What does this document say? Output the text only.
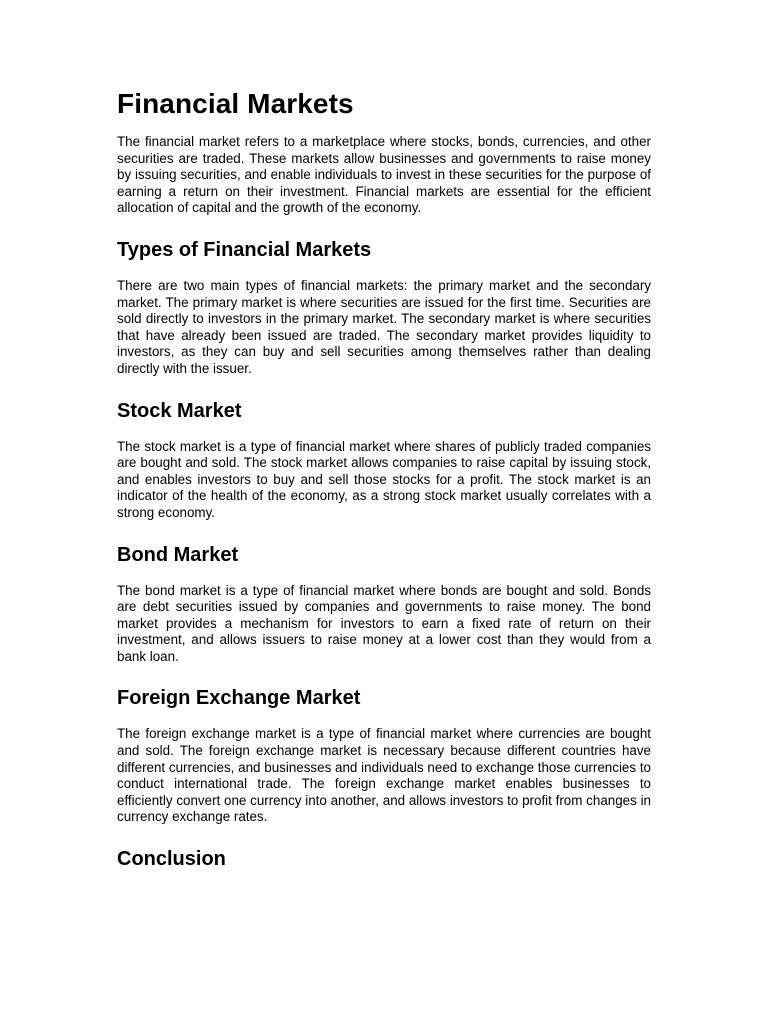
Financial Markets

The financial market refers to a marketplace where stocks, bonds, currencies, and other securities are traded. These markets allow businesses and governments to raise money by issuing securities, and enable individuals to invest in these securities for the purpose of earning a return on their investment. Financial markets are essential for the efficient allocation of capital and the growth of the economy.

Types of Financial Markets

There are two main types of financial markets: the primary market and the secondary market. The primary market is where securities are issued for the first time. Securities are sold directly to investors in the primary market. The secondary market is where securities that have already been issued are traded. The secondary market provides liquidity to investors, as they can buy and sell securities among themselves rather than dealing directly with the issuer.

Stock Market

The stock market is a type of financial market where shares of publicly traded companies are bought and sold. The stock market allows companies to raise capital by issuing stock, and enables investors to buy and sell those stocks for a profit. The stock market is an indicator of the health of the economy, as a strong stock market usually correlates with a strong economy.

Bond Market

The bond market is a type of financial market where bonds are bought and sold. Bonds are debt securities issued by companies and governments to raise money. The bond market provides a mechanism for investors to earn a fixed rate of return on their investment, and allows issuers to raise money at a lower cost than they would from a bank loan.

Foreign Exchange Market

The foreign exchange market is a type of financial market where currencies are bought and sold. The foreign exchange market is necessary because different countries have different currencies, and businesses and individuals need to exchange those currencies to conduct international trade. The foreign exchange market enables businesses to efficiently convert one currency into another, and allows investors to profit from changes in currency exchange rates.

Conclusion
